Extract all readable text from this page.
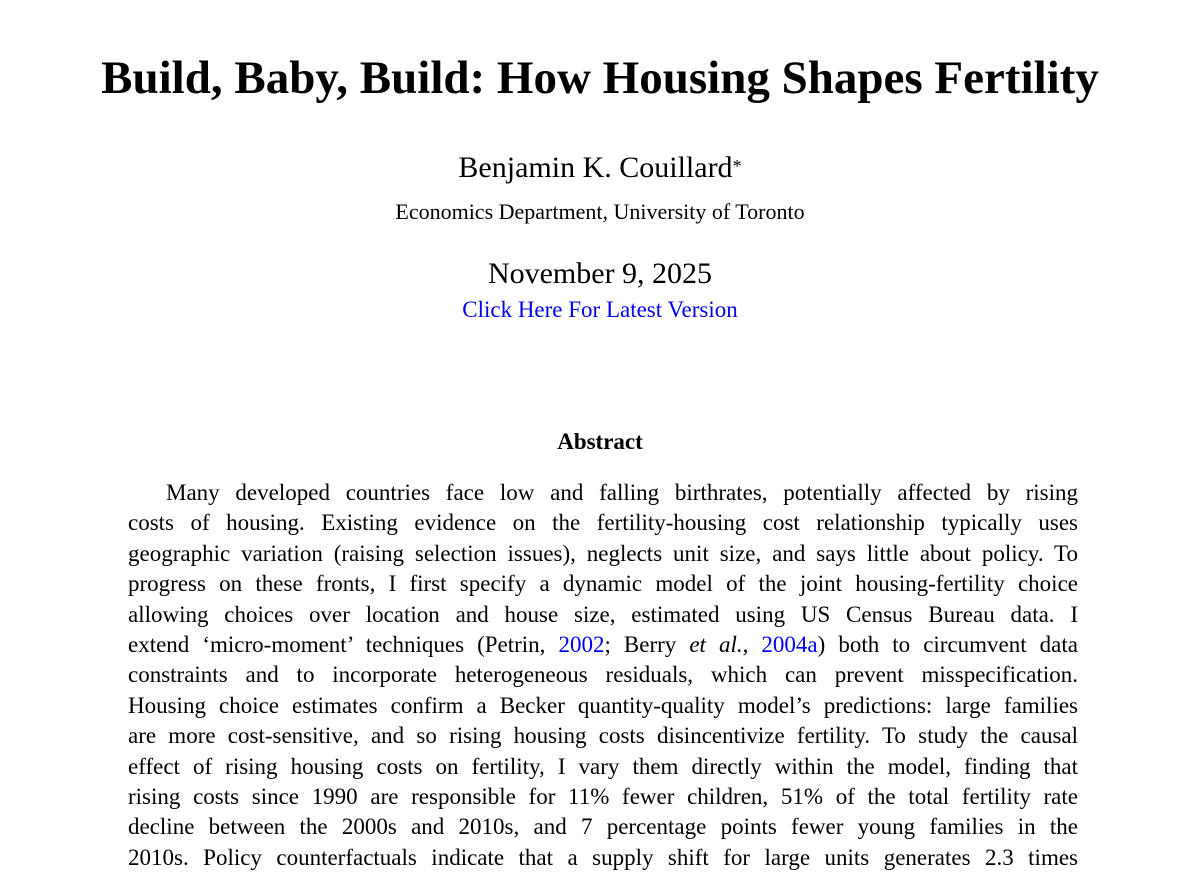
Build, Baby, Build: How Housing Shapes Fertility
Benjamin K. Couillard*
Economics Department, University of Toronto
November 9, 2025
Click Here For Latest Version
Abstract
Many developed countries face low and falling birthrates, potentially affected by rising
costs of housing. Existing evidence on the fertility-housing cost relationship typically uses
geographic variation (raising selection issues), neglects unit size, and says little about policy. To
progress on these fronts, I first specify a dynamic model of the joint housing-fertility choice
allowing choices over location and house size, estimated using US Census Bureau data. I
extend ‘micro-moment’ techniques (Petrin, 2002; Berry et al., 2004a) both to circumvent data
constraints and to incorporate heterogeneous residuals, which can prevent misspecification.
Housing choice estimates confirm a Becker quantity-quality model’s predictions: large families
are more cost-sensitive, and so rising housing costs disincentivize fertility. To study the causal
effect of rising housing costs on fertility, I vary them directly within the model, finding that
rising costs since 1990 are responsible for 11% fewer children, 51% of the total fertility rate
decline between the 2000s and 2010s, and 7 percentage points fewer young families in the
2010s. Policy counterfactuals indicate that a supply shift for large units generates 2.3 times
